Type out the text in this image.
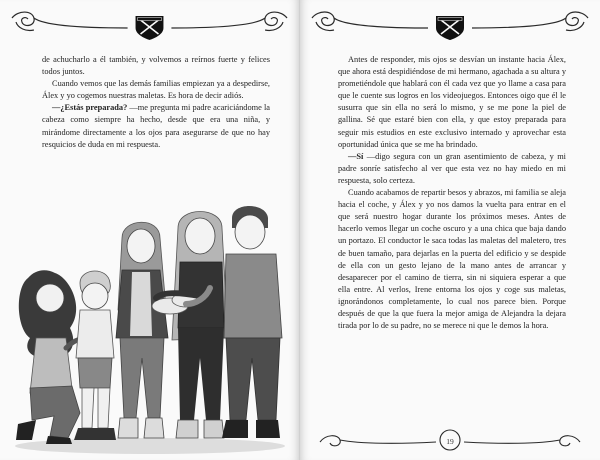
de achucharlo a él también, y volvemos a reírnos fuerte y felices todos juntos.

Cuando vemos que las demás familias empiezan ya a despedirse, Álex y yo cogemos nuestras maletas. Es hora de decir adiós.

—¿Estás preparada? —me pregunta mi padre acariciándome la cabeza como siempre ha hecho, desde que era una niña, y mirándome directamente a los ojos para asegurarse de que no hay resquicios de duda en mi respuesta.

Antes de responder, mis ojos se desvían un instante hacia Álex, que ahora está despidiéndose de mi hermano, agachada a su altura y prometiéndole que hablará con él cada vez que yo llame a casa para que le cuente sus logros en los videojuegos. Entonces oigo que él le susurra que sin ella no será lo mismo, y se me pone la piel de gallina. Sé que estaré bien con ella, y que estoy preparada para seguir mis estudios en este exclusivo internado y aprovechar esta oportunidad única que se me ha brindado.

—Sí —digo segura con un gran asentimiento de cabeza, y mi padre sonríe satisfecho al ver que esta vez no hay miedo en mi respuesta, solo certeza.

Cuando acabamos de repartir besos y abrazos, mi familia se aleja hacia el coche, y Álex y yo nos damos la vuelta para entrar en el que será nuestro hogar durante los próximos meses. Antes de hacerlo vemos llegar un coche oscuro y a una chica que baja dando un portazo. El conductor le saca todas las maletas del maletero, tres de buen tamaño, para dejarlas en la puerta del edificio y se despide de ella con un gesto lejano de la mano antes de arrancar y desaparecer por el camino de tierra, sin ni siquiera esperar a que ella entre. Al verlos, Irene entorna los ojos y coge sus maletas, ignorándonos completamente, lo cual nos parece bien. Porque después de que la que fuera la mejor amiga de Alejandra la dejara tirada por lo de su padre, no se merece ni que le demos la hora.

19
